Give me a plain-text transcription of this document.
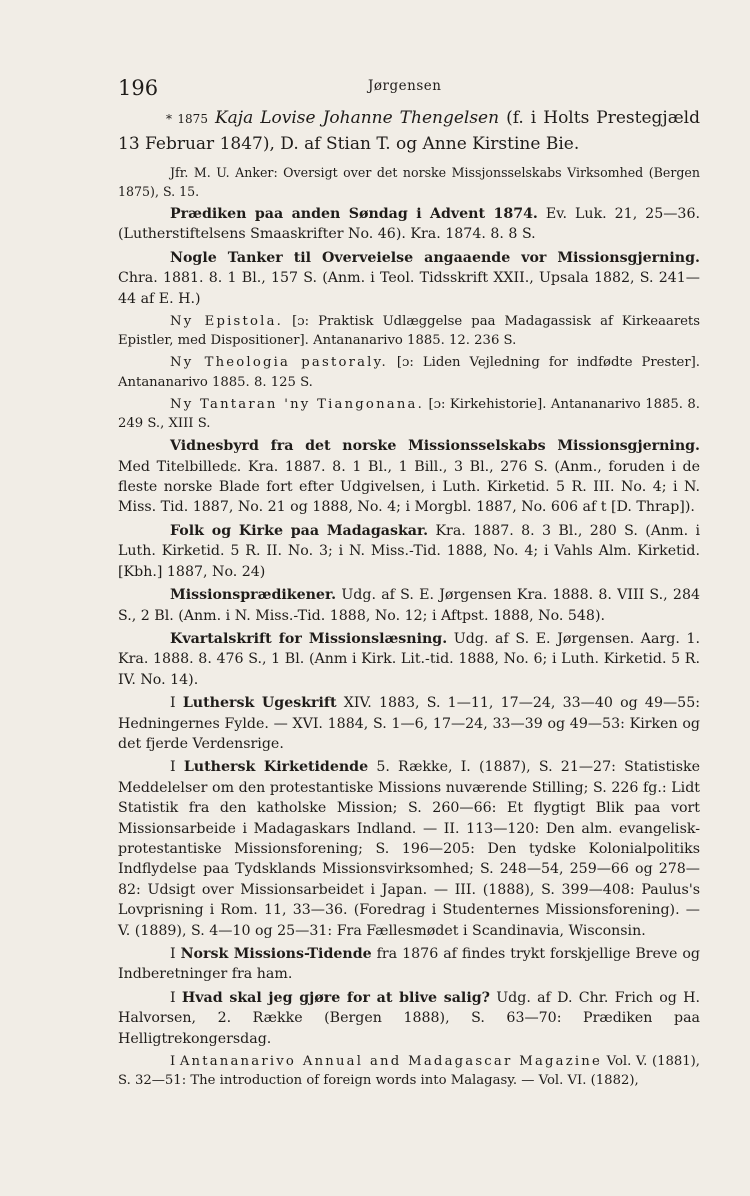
196	Jørgensen

* 1875 Kaja Lovise Johanne Thengelsen (f. i Holts Prestegjæld 13 Februar 1847), D. af Stian T. og Anne Kirstine Bie.

Jfr. M. U. Anker: Oversigt over det norske Missjonsselskabs Virksomhed (Bergen 1875), S. 15.

Prædiken paa anden Søndag i Advent 1874. Ev. Luk. 21, 25—36. (Lutherstiftelsens Smaaskrifter No. 46). Kra. 1874. 8. 8 S.

Nogle Tanker til Overveielse angaaende vor Missionsgjerning. Chra. 1881. 8. 1 Bl., 157 S. (Anm. i Teol. Tidsskrift XXII., Upsala 1882, S. 241—44 af E. H.)

Ny Epistola. [ɔ: Praktisk Udlæggelse paa Madagassisk af Kirkeaarets Epistler, med Dispositioner]. Antananarivo 1885. 12. 236 S.

Ny Theologia pastoraly. [ɔ: Liden Vejledning for indfødte Prester]. Antananarivo 1885. 8. 125 S.

Ny Tantaran 'ny Tiangonana. [ɔ: Kirkehistorie]. Antananarivo 1885. 8. 249 S., XIII S.

Vidnesbyrd fra det norske Missionsselskabs Missionsgjerning. Med Titelbilledε. Kra. 1887. 8. 1 Bl., 1 Bill., 3 Bl., 276 S. (Anm., foruden i de fleste norske Blade fort efter Udgivelsen, i Luth. Kirketid. 5 R. III. No. 4; i N. Miss. Tid. 1887, No. 21 og 1888, No. 4; i Morgbl. 1887, No. 606 af t [D. Thrap]).

Folk og Kirke paa Madagaskar. Kra. 1887. 8. 3 Bl., 280 S. (Anm. i Luth. Kirketid. 5 R. II. No. 3; i N. Miss.-Tid. 1888, No. 4; i Vahls Alm. Kirketid. [Kbh.] 1887, No. 24)

Missionsprædikener. Udg. af S. E. Jørgensen Kra. 1888. 8. VIII S., 284 S., 2 Bl. (Anm. i N. Miss.-Tid. 1888, No. 12; i Aftpst. 1888, No. 548).

Kvartalskrift for Missionslæsning. Udg. af S. E. Jørgensen. Aarg. 1. Kra. 1888. 8. 476 S., 1 Bl. (Anm i Kirk. Lit.-tid. 1888, No. 6; i Luth. Kirketid. 5 R. IV. No. 14).

I Luthersk Ugeskrift XIV. 1883, S. 1—11, 17—24, 33—40 og 49—55: Hedningernes Fylde. — XVI. 1884, S. 1—6, 17—24, 33—39 og 49—53: Kirken og det fjerde Verdensrige.

I Luthersk Kirketidende 5. Række, I. (1887), S. 21—27: Statistiske Meddelelser om den protestantiske Missions nuværende Stilling; S. 226 fg.: Lidt Statistik fra den katholske Mission; S. 260—66: Et flygtigt Blik paa vort Missionsarbeide i Madagaskars Indland. — II. 113—120: Den alm. evangelisk-protestantiske Missionsforening; S. 196—205: Den tydske Kolonialpolitiks Indflydelse paa Tydsklands Missionsvirksomhed; S. 248—54, 259—66 og 278—82: Udsigt over Missionsarbeidet i Japan. — III. (1888), S. 399—408: Paulus's Lovprisning i Rom. 11, 33—36. (Foredrag i Studenternes Missionsforening). — V. (1889), S. 4—10 og 25—31: Fra Fællesmødet i Scandinavia, Wisconsin.

I Norsk Missions-Tidende fra 1876 af findes trykt forskjellige Breve og Indberetninger fra ham.

I Hvad skal jeg gjøre for at blive salig? Udg. af D. Chr. Frich og H. Halvorsen, 2. Række (Bergen 1888), S. 63—70: Prædiken paa Helligtrekongersdag.

I Antananarivo Annual and Madagascar Magazine Vol. V. (1881), S. 32—51: The introduction of foreign words into Malagasy. — Vol. VI. (1882),
